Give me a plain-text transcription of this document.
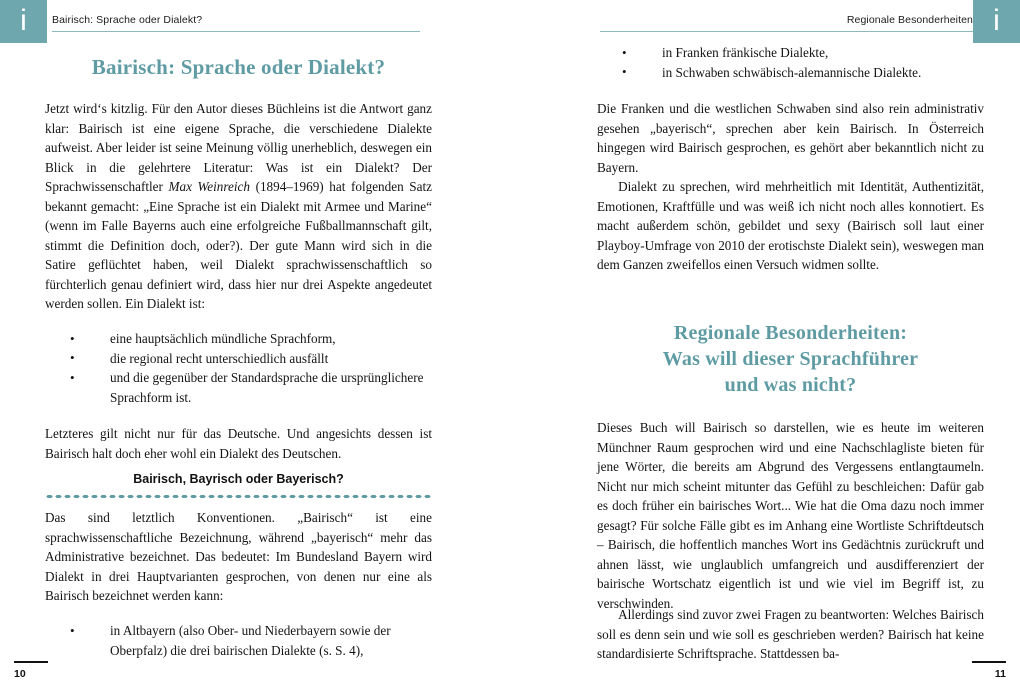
i Bairisch: Sprache oder Dialekt?
Bairisch: Sprache oder Dialekt?

Jetzt wird‘s kitzlig. Für den Autor dieses Büchleins ist die Antwort ganz klar: Bairisch ist eine eigene Sprache, die verschiedene Dialekte aufweist. Aber leider ist seine Meinung völlig unerheblich, deswegen ein Blick in die gelehrtere Literatur: Was ist ein Dialekt? Der Sprachwissenschaftler Max Weinreich (1894–1969) hat folgenden Satz bekannt gemacht: „Eine Sprache ist ein Dialekt mit Armee und Marine“ (wenn im Falle Bayerns auch eine erfolgreiche Fußballmannschaft gilt, stimmt die Definition doch, oder?). Der gute Mann wird sich in die Satire geflüchtet haben, weil Dialekt sprachwissenschaftlich so fürchterlich genau definiert wird, dass hier nur drei Aspekte angedeutet werden sollen. Ein Dialekt ist:

• eine hauptsächlich mündliche Sprachform,
• die regional recht unterschiedlich ausfällt
• und die gegenüber der Standardsprache die ursprünglichere Sprachform ist.

Letzteres gilt nicht nur für das Deutsche. Und angesichts dessen ist Bairisch halt doch eher wohl ein Dialekt des Deutschen.

Bairisch, Bayrisch oder Bayerisch?

Das sind letztlich Konventionen. „Bairisch“ ist eine sprachwissenschaftliche Bezeichnung, während „bayerisch“ mehr das Administrative bezeichnet. Das bedeutet: Im Bundesland Bayern wird Dialekt in drei Hauptvarianten gesprochen, von denen nur eine als Bairisch bezeichnet werden kann:

• in Altbayern (also Ober- und Niederbayern sowie der Oberpfalz) die drei bairischen Dialekte (s. S. 4),
10
i
Regionale Besonderheiten
• in Franken fränkische Dialekte,
• in Schwaben schwäbisch-alemannische Dialekte.

Die Franken und die westlichen Schwaben sind also rein administrativ gesehen „bayerisch“, sprechen aber kein Bairisch. In Österreich hingegen wird Bairisch gesprochen, es gehört aber bekanntlich nicht zu Bayern.

Dialekt zu sprechen, wird mehrheitlich mit Identität, Authentizität, Emotionen, Kraftfülle und was weiß ich nicht noch alles konnotiert. Es macht außerdem schön, gebildet und sexy (Bairisch soll laut einer Playboy-Umfrage von 2010 der erotischste Dialekt sein), weswegen man dem Ganzen zweifellos einen Versuch widmen sollte.

Regionale Besonderheiten:
Was will dieser Sprachführer
und was nicht?

Dieses Buch will Bairisch so darstellen, wie es heute im weiteren Münchner Raum gesprochen wird und eine Nachschlagliste bieten für jene Wörter, die bereits am Abgrund des Vergessens entlangtaumeln. Nicht nur mich scheint mitunter das Gefühl zu beschleichen: Dafür gab es doch früher ein bairisches Wort... Wie hat die Oma dazu noch immer gesagt? Für solche Fälle gibt es im Anhang eine Wortliste Schriftdeutsch – Bairisch, die hoffentlich manches Wort ins Gedächtnis zurückruft und ahnen lässt, wie unglaublich umfangreich und ausdifferenziert der bairische Wortschatz eigentlich ist und wie viel im Begriff ist, zu verschwinden.

Allerdings sind zuvor zwei Fragen zu beantworten: Welches Bairisch soll es denn sein und wie soll es geschrieben werden? Bairisch hat keine standardisierte Schriftsprache. Stattdessen ba-

11
